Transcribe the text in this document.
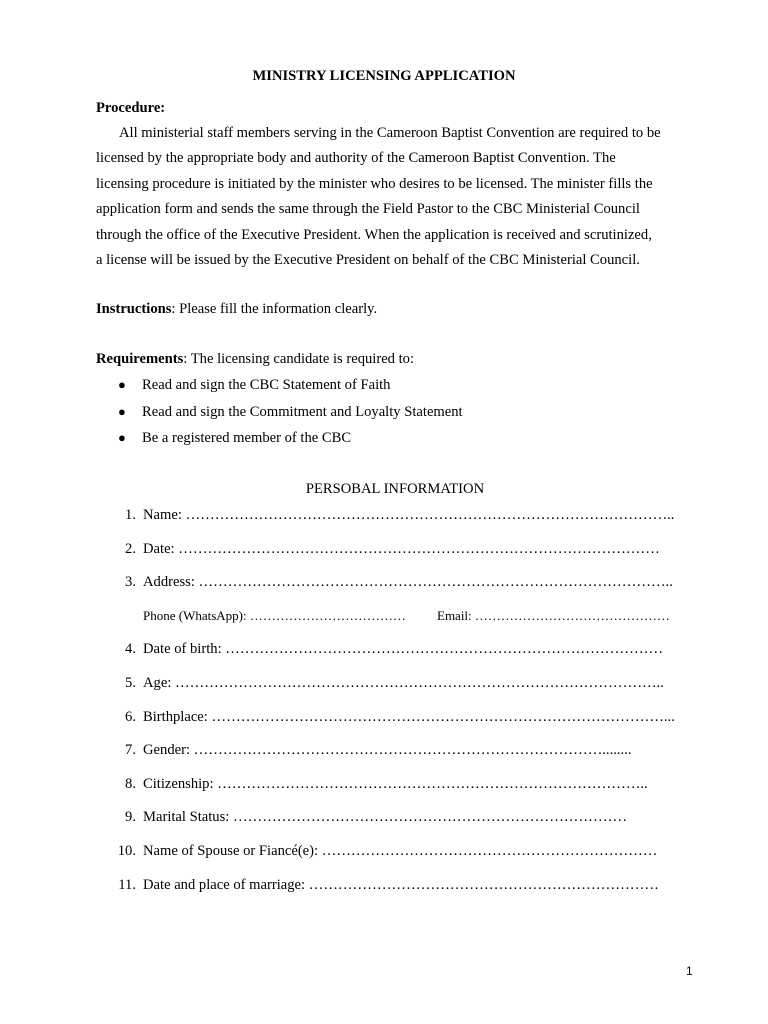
MINISTRY LICENSING APPLICATION
Procedure:
All ministerial staff members serving in the Cameroon Baptist Convention are required to be
licensed by the appropriate body and authority of the Cameroon Baptist Convention. The
licensing procedure is initiated by the minister who desires to be licensed. The minister fills the
application form and sends the same through the Field Pastor to the CBC Ministerial Council
through the office of the Executive President. When the application is received and scrutinized,
a license will be issued by the Executive President on behalf of the CBC Ministerial Council.
Instructions: Please fill the information clearly.
Requirements: The licensing candidate is required to:
● Read and sign the CBC Statement of Faith
● Read and sign the Commitment and Loyalty Statement
● Be a registered member of the CBC
PERSOBAL INFORMATION
1. Name: ………………………………………………………………………………………..
2. Date: ………………………………………………………………………………………
3. Address: ……………………………………………………………………………………..
Phone (WhatsApp): ……………………………… Email: ………………………………………
4. Date of birth: ………………………………………………………………………………
5. Age: ………………………………………………………………………………………..
6. Birthplace: …………………………………………………………………………………...
7. Gender: …………………………………………………………………………........
8. Citizenship: ……………………………………………………………………………..
9. Marital Status: ………………………………………………………………………
10. Name of Spouse or Fiancé(e): ……………………………………………………………
11. Date and place of marriage: ………………………………………………………………
1
